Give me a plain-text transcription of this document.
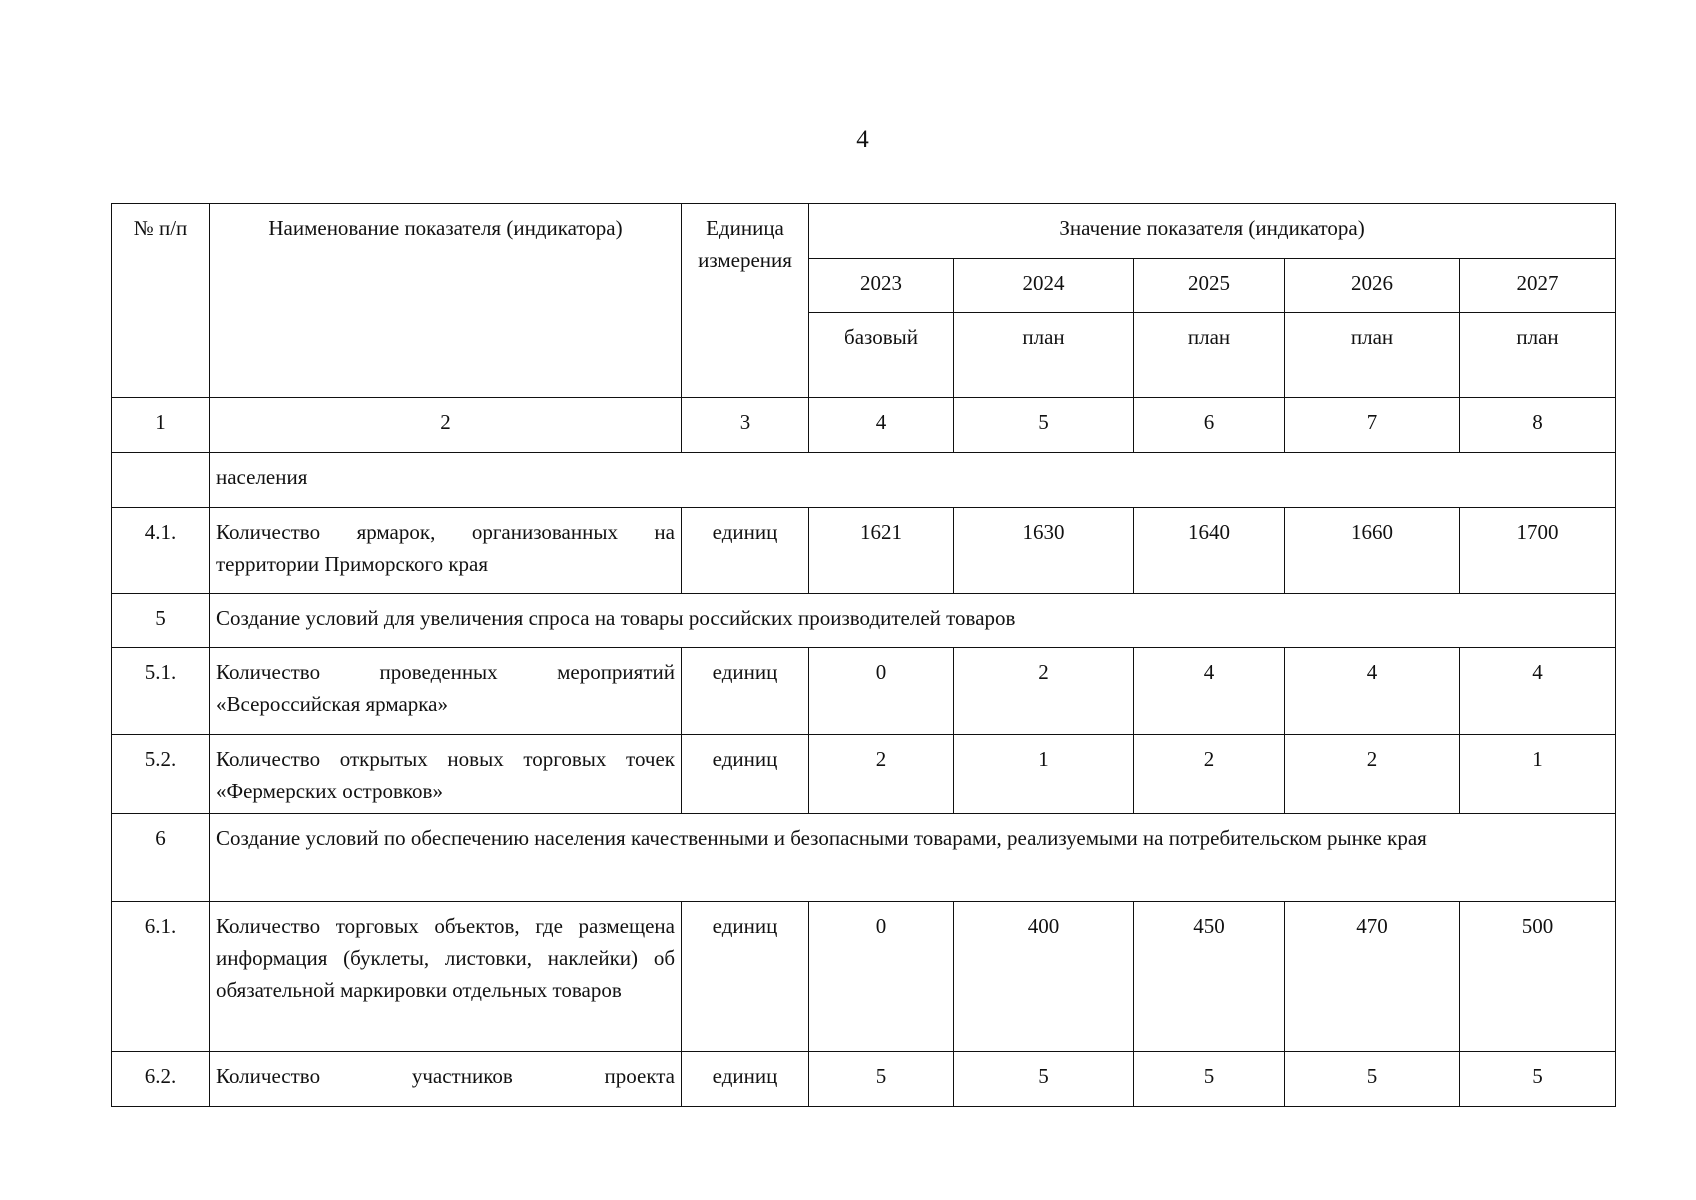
4
№ п/п	Наименование показателя (индикатора)	Единица измерения	Значение показателя (индикатора)				
			2023	2024	2025	2026	2027
			базовый	план	план	план	план
1	2	3	4	5	6	7	8
	населения						
4.1.	Количество ярмарок, организованных на территории Приморского края	единиц	1621	1630	1640	1660	1700
5	Создание условий для увеличения спроса на товары российских производителей товаров						
5.1.	Количество проведенных мероприятий «Всероссийская ярмарка»	единиц	0	2	4	4	4
5.2.	Количество открытых новых торговых точек «Фермерских островков»	единиц	2	1	2	2	1
6	Создание условий по обеспечению населения качественными и безопасными товарами, реализуемыми на потребительском рынке края						
6.1.	Количество торговых объектов, где размещена информация (буклеты, листовки, наклейки) об обязательной маркировки отдельных товаров	единиц	0	400	450	470	500
6.2.	Количество участников проекта	единиц	5	5	5	5	5
